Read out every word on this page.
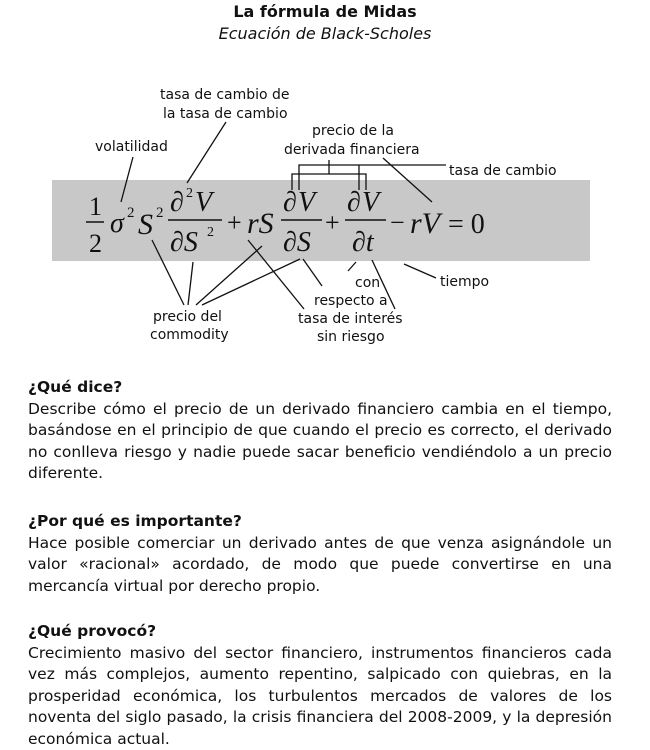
La fórmula de Midas
Ecuación de Black-Scholes
1
2
σ 2 S 2 ∂ 2 V
∂S 2 + rS
∂ V
∂S
+
∂ V
∂t
− rV = 0
tasa de cambio de
la tasa de cambio
volatilidad
precio de la
derivada financiera
tasa de cambio
con
respecto a
tiempo
precio del
commodity
tasa de interés
sin riesgo
¿Qué dice?

Describe cómo el precio de un derivado financiero cambia en el tiempo, basándose en el principio de que cuando el precio es correcto, el derivado no conlleva riesgo y nadie puede sacar beneficio vendiéndolo a un precio diferente.

¿Por qué es importante?

Hace posible comerciar un derivado antes de que venza asignándole un valor «racional» acordado, de modo que puede convertirse en una mercancía virtual por derecho propio.

¿Qué provocó?

Crecimiento masivo del sector financiero, instrumentos financieros cada vez más complejos, aumento repentino, salpicado con quiebras, en la prosperidad económica, los turbulentos mercados de valores de los noventa del siglo pasado, la crisis financiera del 2008-2009, y la depresión económica actual.
